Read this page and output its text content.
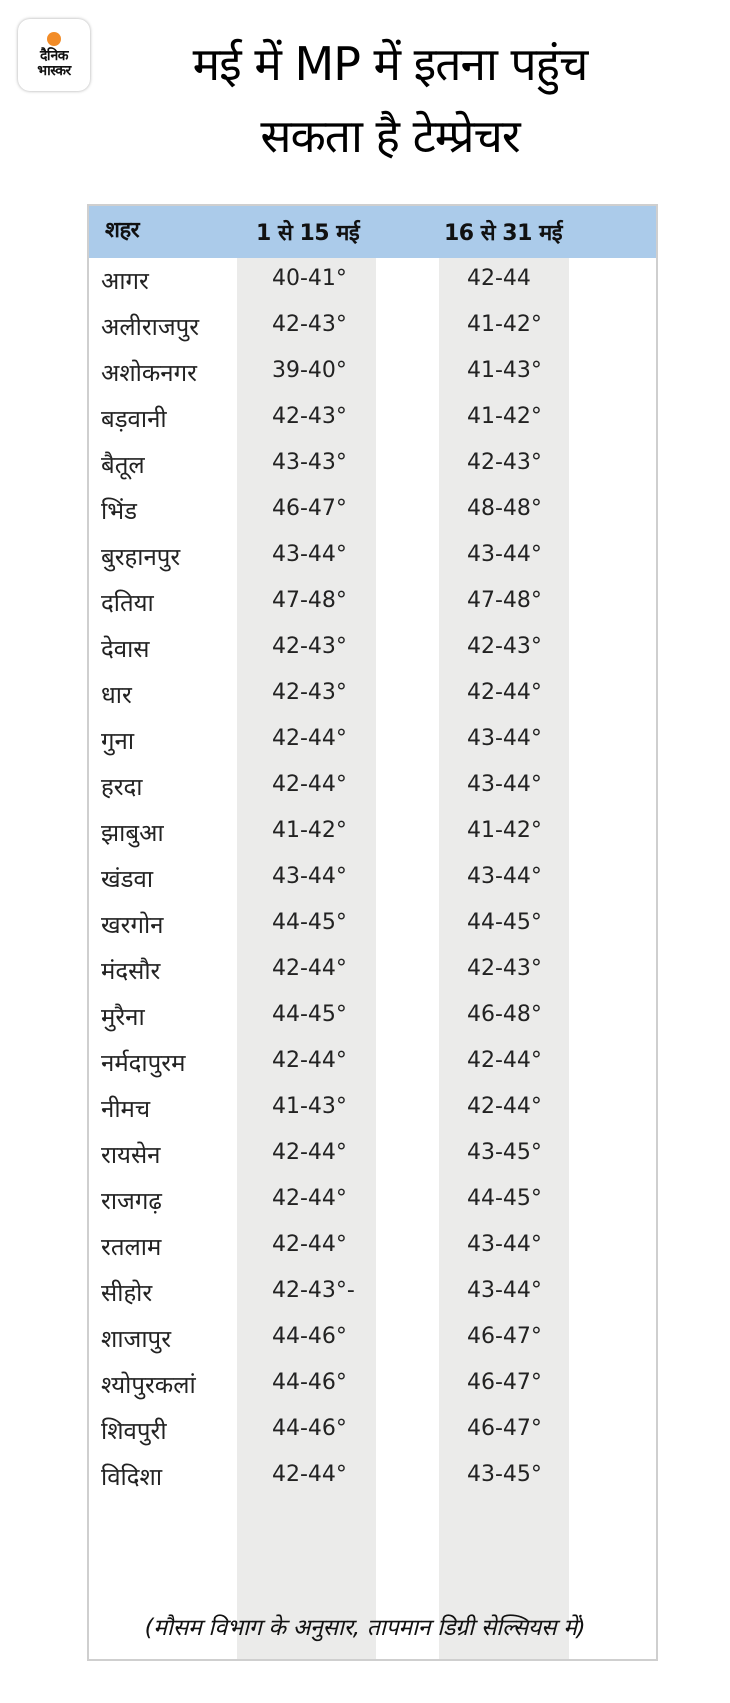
दैनिक
भास्कर	मई में MP में इतना पहुंच
सकता है टेम्प्रेचर
शहर	1 से 15 मई	16 से 31 मई
आगर	40-41°	42-44
अलीराजपुर	42-43°	41-42°
अशोकनगर	39-40°	41-43°
बड़वानी	42-43°	41-42°
बैतूल	43-43°	42-43°
भिंड	46-47°	48-48°
बुरहानपुर	43-44°	43-44°
दतिया	47-48°	47-48°
देवास	42-43°	42-43°
धार	42-43°	42-44°
गुना	42-44°	43-44°
हरदा	42-44°	43-44°
झाबुआ	41-42°	41-42°
खंडवा	43-44°	43-44°
खरगोन	44-45°	44-45°
मंदसौर	42-44°	42-43°
मुरैना	44-45°	46-48°
नर्मदापुरम	42-44°	42-44°
नीमच	41-43°	42-44°
रायसेन	42-44°	43-45°
राजगढ़	42-44°	44-45°
रतलाम	42-44°	43-44°
सीहोर	42-43°-	43-44°
शाजापुर	44-46°	46-47°
श्योपुरकलां	44-46°	46-47°
शिवपुरी	44-46°	46-47°
विदिशा	42-44°	43-45°
(मौसम विभाग के अनुसार, तापमान डिग्री सेल्सियस में)
